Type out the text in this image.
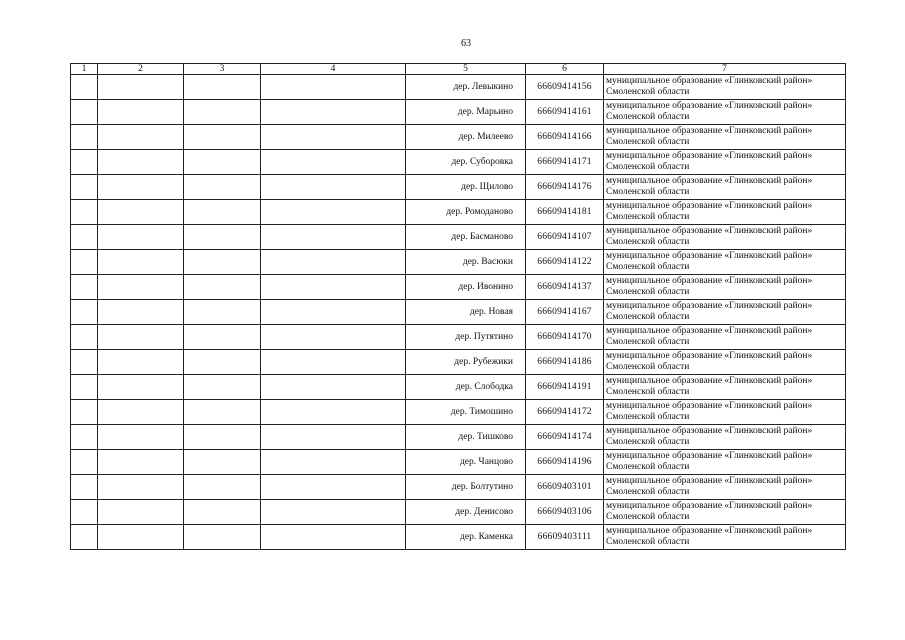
63
1	2	3	4	5	6	7
				дер. Левыкино	66609414156	муниципальное образование «Глинковский район»
Смоленской области

				дер. Марьино	66609414161	муниципальное образование «Глинковский район»
Смоленской области

				дер. Милеево	66609414166	муниципальное образование «Глинковский район»
Смоленской области

				дер. Суборовка	66609414171	муниципальное образование «Глинковский район»
Смоленской области

				дер. Щилово	66609414176	муниципальное образование «Глинковский район»
Смоленской области

				дер. Ромоданово	66609414181	муниципальное образование «Глинковский район»
Смоленской области

				дер. Басманово	66609414107	муниципальное образование «Глинковский район»
Смоленской области

				дер. Васюки	66609414122	муниципальное образование «Глинковский район»
Смоленской области

				дер. Ивонино	66609414137	муниципальное образование «Глинковский район»
Смоленской области

				дер. Новая	66609414167	муниципальное образование «Глинковский район»
Смоленской области

				дер. Путятино	66609414170	муниципальное образование «Глинковский район»
Смоленской области

				дер. Рубежики	66609414186	муниципальное образование «Глинковский район»
Смоленской области

				дер. Слободка	66609414191	муниципальное образование «Глинковский район»
Смоленской области

				дер. Тимошино	66609414172	муниципальное образование «Глинковский район»
Смоленской области

				дер. Тишково	66609414174	муниципальное образование «Глинковский район»
Смоленской области

				дер. Чанцово	66609414196	муниципальное образование «Глинковский район»
Смоленской области

				дер. Болтутино	66609403101	муниципальное образование «Глинковский район»
Смоленской области

				дер. Денисово	66609403106	муниципальное образование «Глинковский район»
Смоленской области

				дер. Каменка	66609403111	муниципальное образование «Глинковский район»
Смоленской области
